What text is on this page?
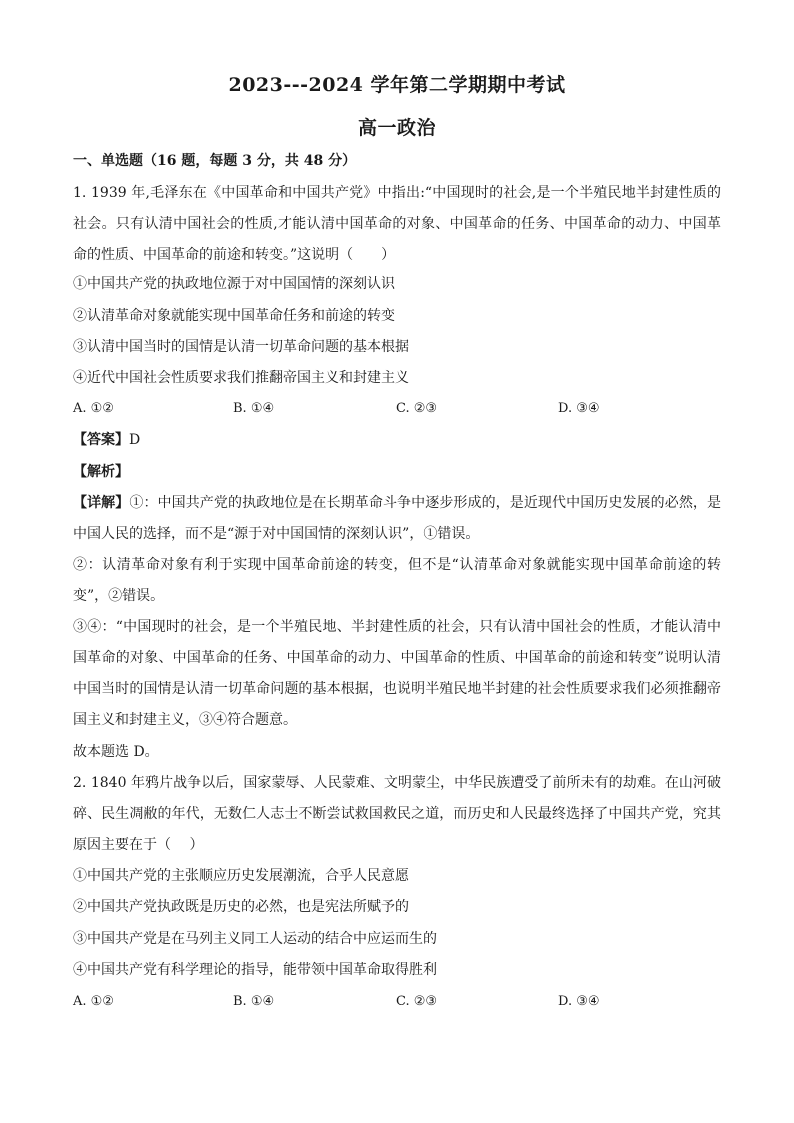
2023---2024 学年第二学期期中考试
高一政治
一、单选题（16 题，每题 3 分，共 48 分）
1. 1939 年,毛泽东在《中国革命和中国共产党》中指出:“中国现时的社会,是一个半殖民地半封建性质的社会。只有认清中国社会的性质,才能认清中国革命的对象、中国革命的任务、中国革命的动力、中国革命的性质、中国革命的前途和转变。”这说明（　　）
①中国共产党的执政地位源于对中国国情的深刻认识
②认清革命对象就能实现中国革命任务和前途的转变
③认清中国当时的国情是认清一切革命问题的基本根据
④近代中国社会性质要求我们推翻帝国主义和封建主义
A. ①②	B. ①④	C. ②③	D. ③④
【答案】D
【解析】
【详解】①：中国共产党的执政地位是在长期革命斗争中逐步形成的，是近现代中国历史发展的必然，是中国人民的选择，而不是“源于对中国国情的深刻认识”，①错误。
②：认清革命对象有利于实现中国革命前途的转变，但不是“认清革命对象就能实现中国革命前途的转变”，②错误。
③④：“中国现时的社会，是一个半殖民地、半封建性质的社会，只有认清中国社会的性质，才能认清中国革命的对象、中国革命的任务、中国革命的动力、中国革命的性质、中国革命的前途和转变”说明认清中国当时的国情是认清一切革命问题的基本根据，也说明半殖民地半封建的社会性质要求我们必须推翻帝国主义和封建主义，③④符合题意。
故本题选 D。
2. 1840 年鸦片战争以后，国家蒙辱、人民蒙难、文明蒙尘，中华民族遭受了前所未有的劫难。在山河破碎、民生凋敝的年代，无数仁人志士不断尝试救国救民之道，而历史和人民最终选择了中国共产党，究其原因主要在于（　 ）
①中国共产党的主张顺应历史发展潮流，合乎人民意愿
②中国共产党执政既是历史的必然，也是宪法所赋予的
③中国共产党是在马列主义同工人运动的结合中应运而生的
④中国共产党有科学理论的指导，能带领中国革命取得胜利
A. ①②	B. ①④	C. ②③	D. ③④
